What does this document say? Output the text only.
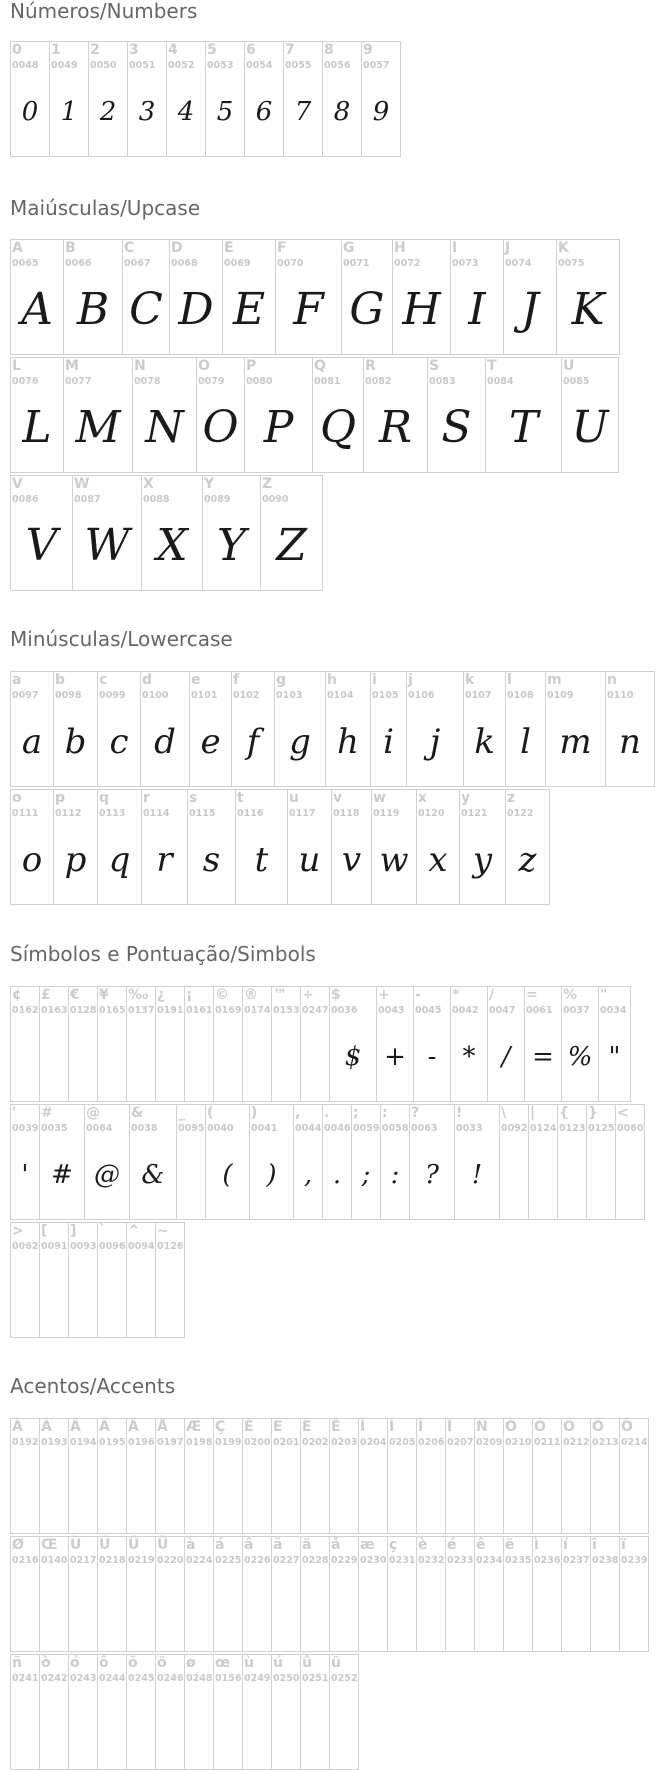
Números/Numbers
0
0048
0
1
0049
1
2
0050
2
3
0051
3
4
0052
4
5
0053
5
6
0054
6
7
0055
7
8
0056
8
9
0057
9
Maiúsculas/Upcase
A
0065
A
B
0066
B
C
0067
C
D
0068
D
E
0069
E
F
0070
F
G
0071
G
H
0072
H
I
0073
I
J
0074
J
K
0075
K
L
0076
L
M
0077
M
N
0078
N
O
0079
O
P
0080
P
Q
0081
Q
R
0082
R
S
0083
S
T
0084
T
U
0085
U
V
0086
V
W
0087
W
X
0088
X
Y
0089
Y
Z
0090
Z
Minúsculas/Lowercase
a
0097
a
b
0098
b
c
0099
c
d
0100
d
e
0101
e
f
0102
f
g
0103
g
h
0104
h
i
0105
i
j
0106
j
k
0107
k
l
0108
l
m
0109
m
n
0110
n
o
0111
o
p
0112
p
q
0113
q
r
0114
r
s
0115
s
t
0116
t
u
0117
u
v
0118
v
w
0119
w
x
0120
x
y
0121
y
z
0122
z
Símbolos e Pontuação/Simbols
¢
0162
£
0163
€
0128
¥
0165
‰
0137
¿
0191
¡
0161
©
0169
®
0174
™
0153
÷
0247
$
0036
$
+
0043
+
-
0045
-
*
0042
*
/
0047
/
=
0061
=
%
0037
%
"
0034
"
'
0039
'
#
0035
#
@
0064
@
&
0038
&
_
0095
(
0040
(
)
0041
)
,
0044
,
.
0046
.
;
0059
;
:
0058
:
?
0063
?
!
0033
!
\
0092
|
0124
{
0123
}
0125
<
0060
>
0062
[
0091
]
0093
`
0096
^
0094
~
0126
Acentos/Accents
À
0192
Á
0193
Â
0194
Ã
0195
Ä
0196
Å
0197
Æ
0198
Ç
0199
È
0200
É
0201
Ê
0202
Ë
0203
Ì
0204
Í
0205
Î
0206
Ï
0207
Ñ
0209
Ò
0210
Ó
0211
Ô
0212
Õ
0213
Ö
0214
Ø
0216
Œ
0140
Ù
0217
Ú
0218
Û
0219
Ü
0220
à
0224
á
0225
â
0226
ã
0227
ä
0228
å
0229
æ
0230
ç
0231
è
0232
é
0233
ê
0234
ë
0235
ì
0236
í
0237
î
0238
ï
0239
ñ
0241
ò
0242
ó
0243
ô
0244
õ
0245
ö
0246
ø
0248
œ
0156
ù
0249
ú
0250
û
0251
ü
0252
